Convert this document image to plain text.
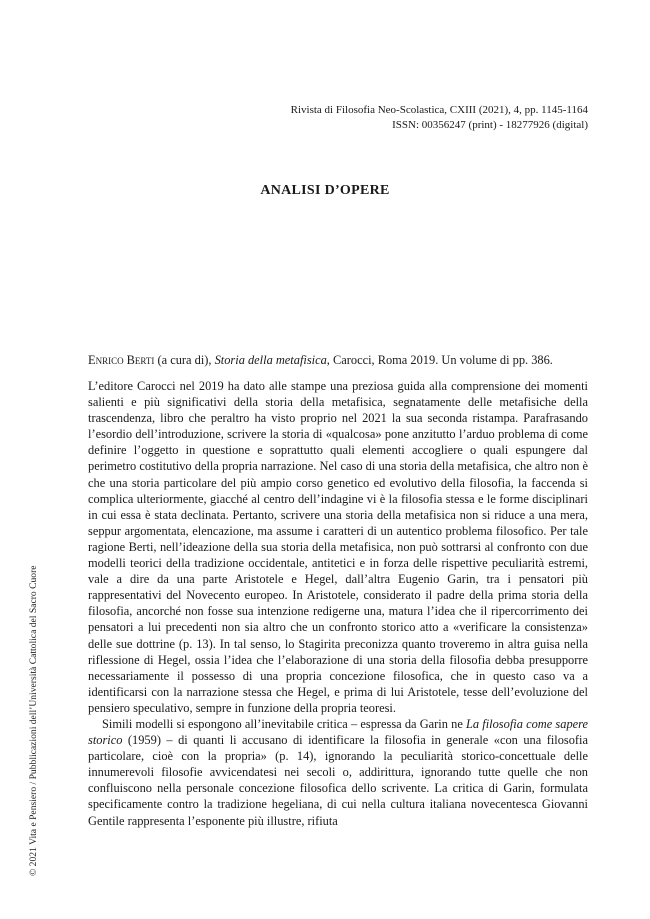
Rivista di Filosofia Neo-Scolastica, CXIII (2021), 4, pp. 1145-1164
ISSN: 00356247 (print) - 18277926 (digital)
ANALISI D’OPERE
Enrico Berti (a cura di), Storia della metafisica, Carocci, Roma 2019. Un volume di pp. 386.

L’editore Carocci nel 2019 ha dato alle stampe una preziosa guida alla comprensione dei momenti salienti e più significativi della storia della metafisica, segnatamente delle metafisiche della trascendenza, libro che peraltro ha visto proprio nel 2021 la sua seconda ristampa. Parafrasando l’esordio dell’introduzione, scrivere la storia di «qualcosa» pone anzitutto l’arduo problema di come definire l’oggetto in questione e soprattutto quali elementi accogliere o quali espungere dal perimetro costitutivo della propria narrazione. Nel caso di una storia della metafisica, che altro non è che una storia particolare del più ampio corso genetico ed evolutivo della filosofia, la faccenda si complica ulteriormente, giacché al centro dell’indagine vi è la filosofia stessa e le forme disciplinari in cui essa è stata declinata. Pertanto, scrivere una storia della metafisica non si riduce a una mera, seppur argomentata, elencazione, ma assume i caratteri di un autentico problema filosofico. Per tale ragione Berti, nell’ideazione della sua storia della metafisica, non può sottrarsi al confronto con due modelli teorici della tradizione occidentale, antitetici e in forza delle rispettive peculiarità estremi, vale a dire da una parte Aristotele e Hegel, dall’altra Eugenio Garin, tra i pensatori più rappresentativi del Novecento europeo. In Aristotele, considerato il padre della prima storia della filosofia, ancorché non fosse sua intenzione redigerne una, matura l’idea che il ripercorrimento dei pensatori a lui precedenti non sia altro che un confronto storico atto a «verificare la consistenza» delle sue dottrine (p. 13). In tal senso, lo Stagirita preconizza quanto troveremo in altra guisa nella riflessione di Hegel, ossia l’idea che l’elaborazione di una storia della filosofia debba presupporre necessariamente il possesso di una propria concezione filosofica, che in questo caso va a identificarsi con la narrazione stessa che Hegel, e prima di lui Aristotele, tesse dell’evoluzione del pensiero speculativo, sempre in funzione della propria teoresi.

Simili modelli si espongono all’inevitabile critica – espressa da Garin ne La filosofia come sapere storico (1959) – di quanti li accusano di identificare la filosofia in generale «con una filosofia particolare, cioè con la propria» (p. 14), ignorando la peculiarità storico-concettuale delle innumerevoli filosofie avvicendatesi nei secoli o, addirittura, ignorando tutte quelle che non confluiscono nella personale concezione filosofica dello scrivente. La critica di Garin, formulata specificamente contro la tradizione hegeliana, di cui nella cultura italiana novecentesca Giovanni Gentile rappresenta l’esponente più illustre, rifiuta

© 2021 Vita e Pensiero / Pubblicazioni dell’Università Cattolica del Sacro Cuore
